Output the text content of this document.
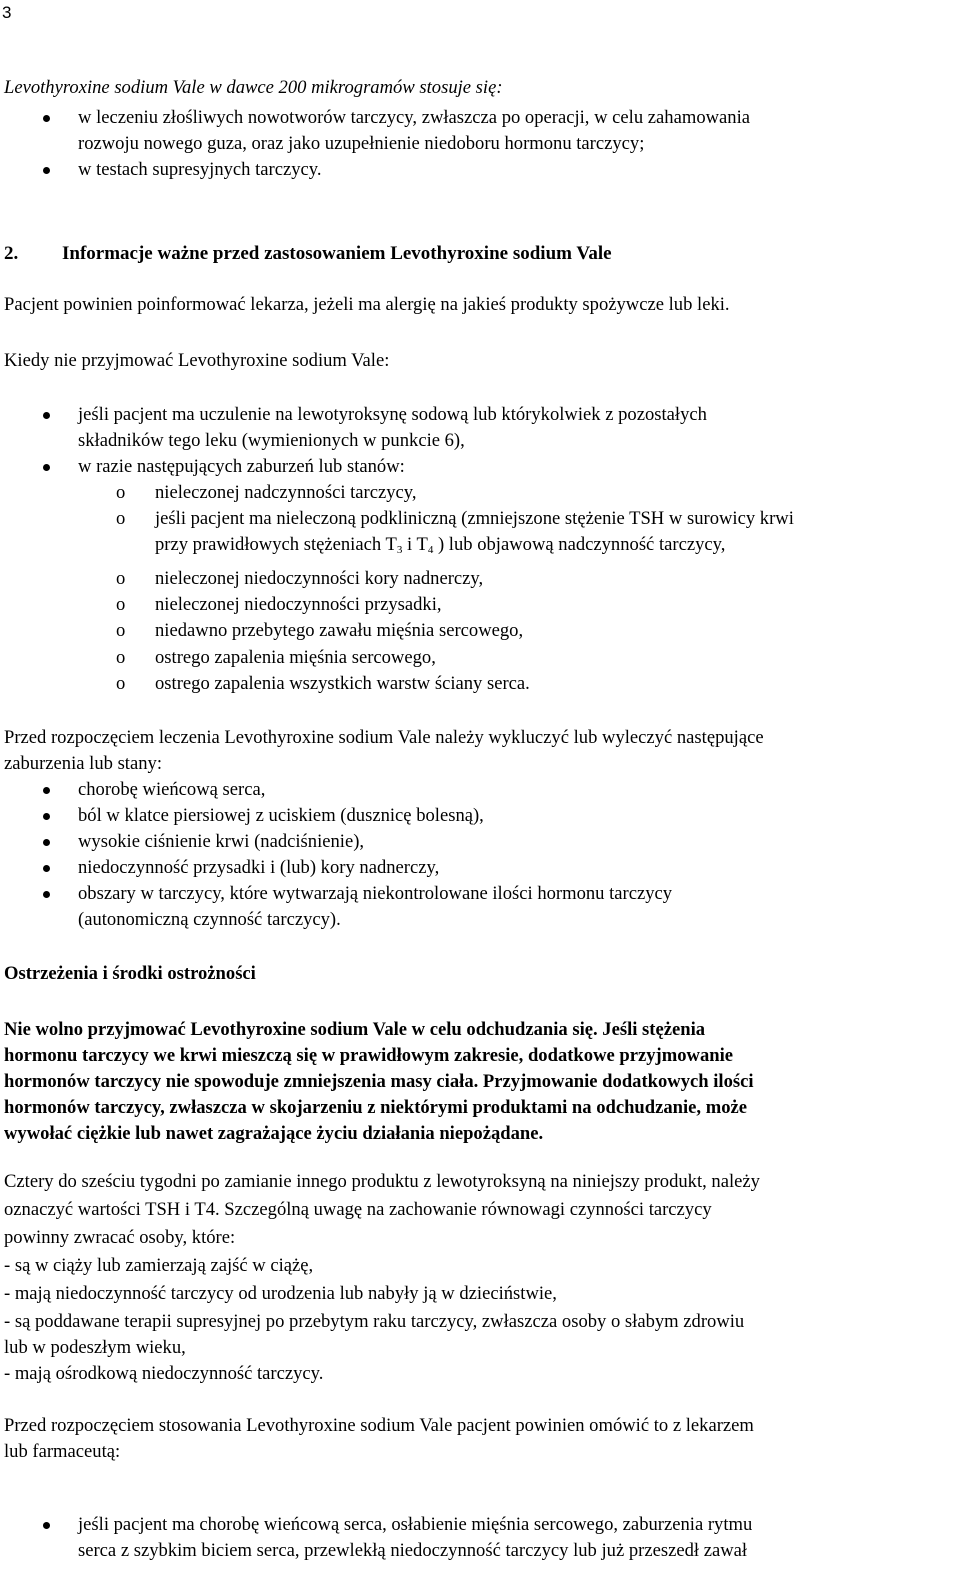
3
Levothyroxine sodium Vale w dawce 200 mikrogramów stosuje się:
w leczeniu złośliwych nowotworów tarczycy, zwłaszcza po operacji, w celu zahamowania
rozwoju nowego guza, oraz jako uzupełnienie niedoboru hormonu tarczycy;
w testach supresyjnych tarczycy.
2. Informacje ważne przed zastosowaniem Levothyroxine sodium Vale
Pacjent powinien poinformować lekarza, jeżeli ma alergię na jakieś produkty spożywcze lub leki.
Kiedy nie przyjmować Levothyroxine sodium Vale:
jeśli pacjent ma uczulenie na lewotyroksynę sodową lub którykolwiek z pozostałych
składników tego leku (wymienionych w punkcie 6),
w razie następujących zaburzeń lub stanów:
o nieleczonej nadczynności tarczycy,
o jeśli pacjent ma nieleczoną podkliniczną (zmniejszone stężenie TSH w surowicy krwi
przy prawidłowych stężeniach $T_3$ i $T_4$ ) lub objawową nadczynność tarczycy,
o nieleczonej niedoczynności kory nadnerczy,
o nieleczonej niedoczynności przysadki,
o niedawno przebytego zawału mięśnia sercowego,
o ostrego zapalenia mięśnia sercowego,
o ostrego zapalenia wszystkich warstw ściany serca.
Przed rozpoczęciem leczenia Levothyroxine sodium Vale należy wykluczyć lub wyleczyć następujące
zaburzenia lub stany:
chorobę wieńcową serca,
ból w klatce piersiowej z uciskiem (dusznicę bolesną),
wysokie ciśnienie krwi (nadciśnienie),
niedoczynność przysadki i (lub) kory nadnerczy,
obszary w tarczycy, które wytwarzają niekontrolowane ilości hormonu tarczycy
(autonomiczną czynność tarczycy).
Ostrzeżenia i środki ostrożności
Nie wolno przyjmować Levothyroxine sodium Vale w celu odchudzania się. Jeśli stężenia
hormonu tarczycy we krwi mieszczą się w prawidłowym zakresie, dodatkowe przyjmowanie
hormonów tarczycy nie spowoduje zmniejszenia masy ciała. Przyjmowanie dodatkowych ilości
hormonów tarczycy, zwłaszcza w skojarzeniu z niektórymi produktami na odchudzanie, może
wywołać ciężkie lub nawet zagrażające życiu działania niepożądane.
Cztery do sześciu tygodni po zamianie innego produktu z lewotyroksyną na niniejszy produkt, należy
oznaczyć wartości TSH i T4. Szczególną uwagę na zachowanie równowagi czynności tarczycy
powinny zwracać osoby, które:
- są w ciąży lub zamierzają zajść w ciążę,
- mają niedoczynność tarczycy od urodzenia lub nabyły ją w dzieciństwie,
- są poddawane terapii supresyjnej po przebytym raku tarczycy, zwłaszcza osoby o słabym zdrowiu
lub w podeszłym wieku,
- mają ośrodkową niedoczynność tarczycy.
Przed rozpoczęciem stosowania Levothyroxine sodium Vale pacjent powinien omówić to z lekarzem
lub farmaceutą:
jeśli pacjent ma chorobę wieńcową serca, osłabienie mięśnia sercowego, zaburzenia rytmu
serca z szybkim biciem serca, przewlekłą niedoczynność tarczycy lub już przeszedł zawał
